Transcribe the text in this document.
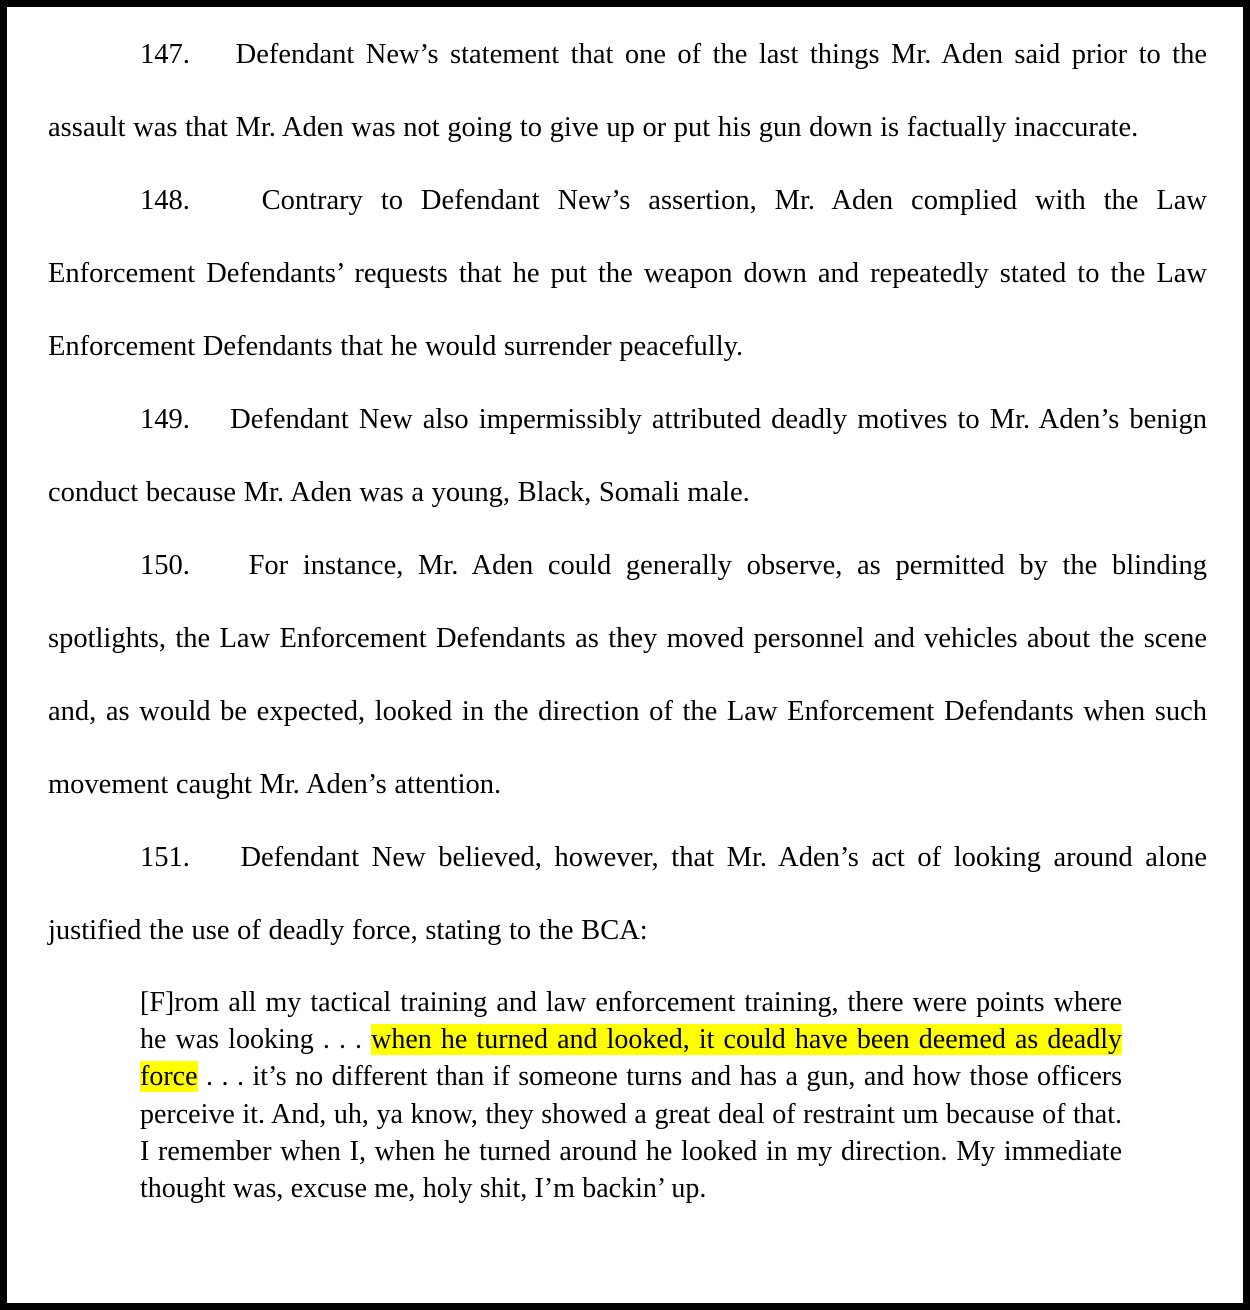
147. Defendant New’s statement that one of the last things Mr. Aden said prior to the assault was that Mr. Aden was not going to give up or put his gun down is factually inaccurate.

148.	Contrary to Defendant New’s assertion, Mr. Aden complied with the Law Enforcement Defendants’ requests that he put the weapon down and repeatedly stated to the Law Enforcement Defendants that he would surrender peacefully.

149. Defendant New also impermissibly attributed deadly motives to Mr. Aden’s benign conduct because Mr. Aden was a young, Black, Somali male.

150. For instance, Mr. Aden could generally observe, as permitted by the blinding spotlights, the Law Enforcement Defendants as they moved personnel and vehicles about the scene and, as would be expected, looked in the direction of the Law Enforcement Defendants when such movement caught Mr. Aden’s attention.

151. Defendant New believed, however, that Mr. Aden’s act of looking around alone justified the use of deadly force, stating to the BCA:

[F]rom all my tactical training and law enforcement training, there were points where he was looking . . . when he turned and looked, it could have been deemed as deadly force . . . it’s no different than if someone turns and has a gun, and how those officers perceive it. And, uh, ya know, they showed a great deal of restraint um because of that. I remember when I, when he turned around he looked in my direction. My immediate thought was, excuse me, holy shit, I’m backin’ up.
